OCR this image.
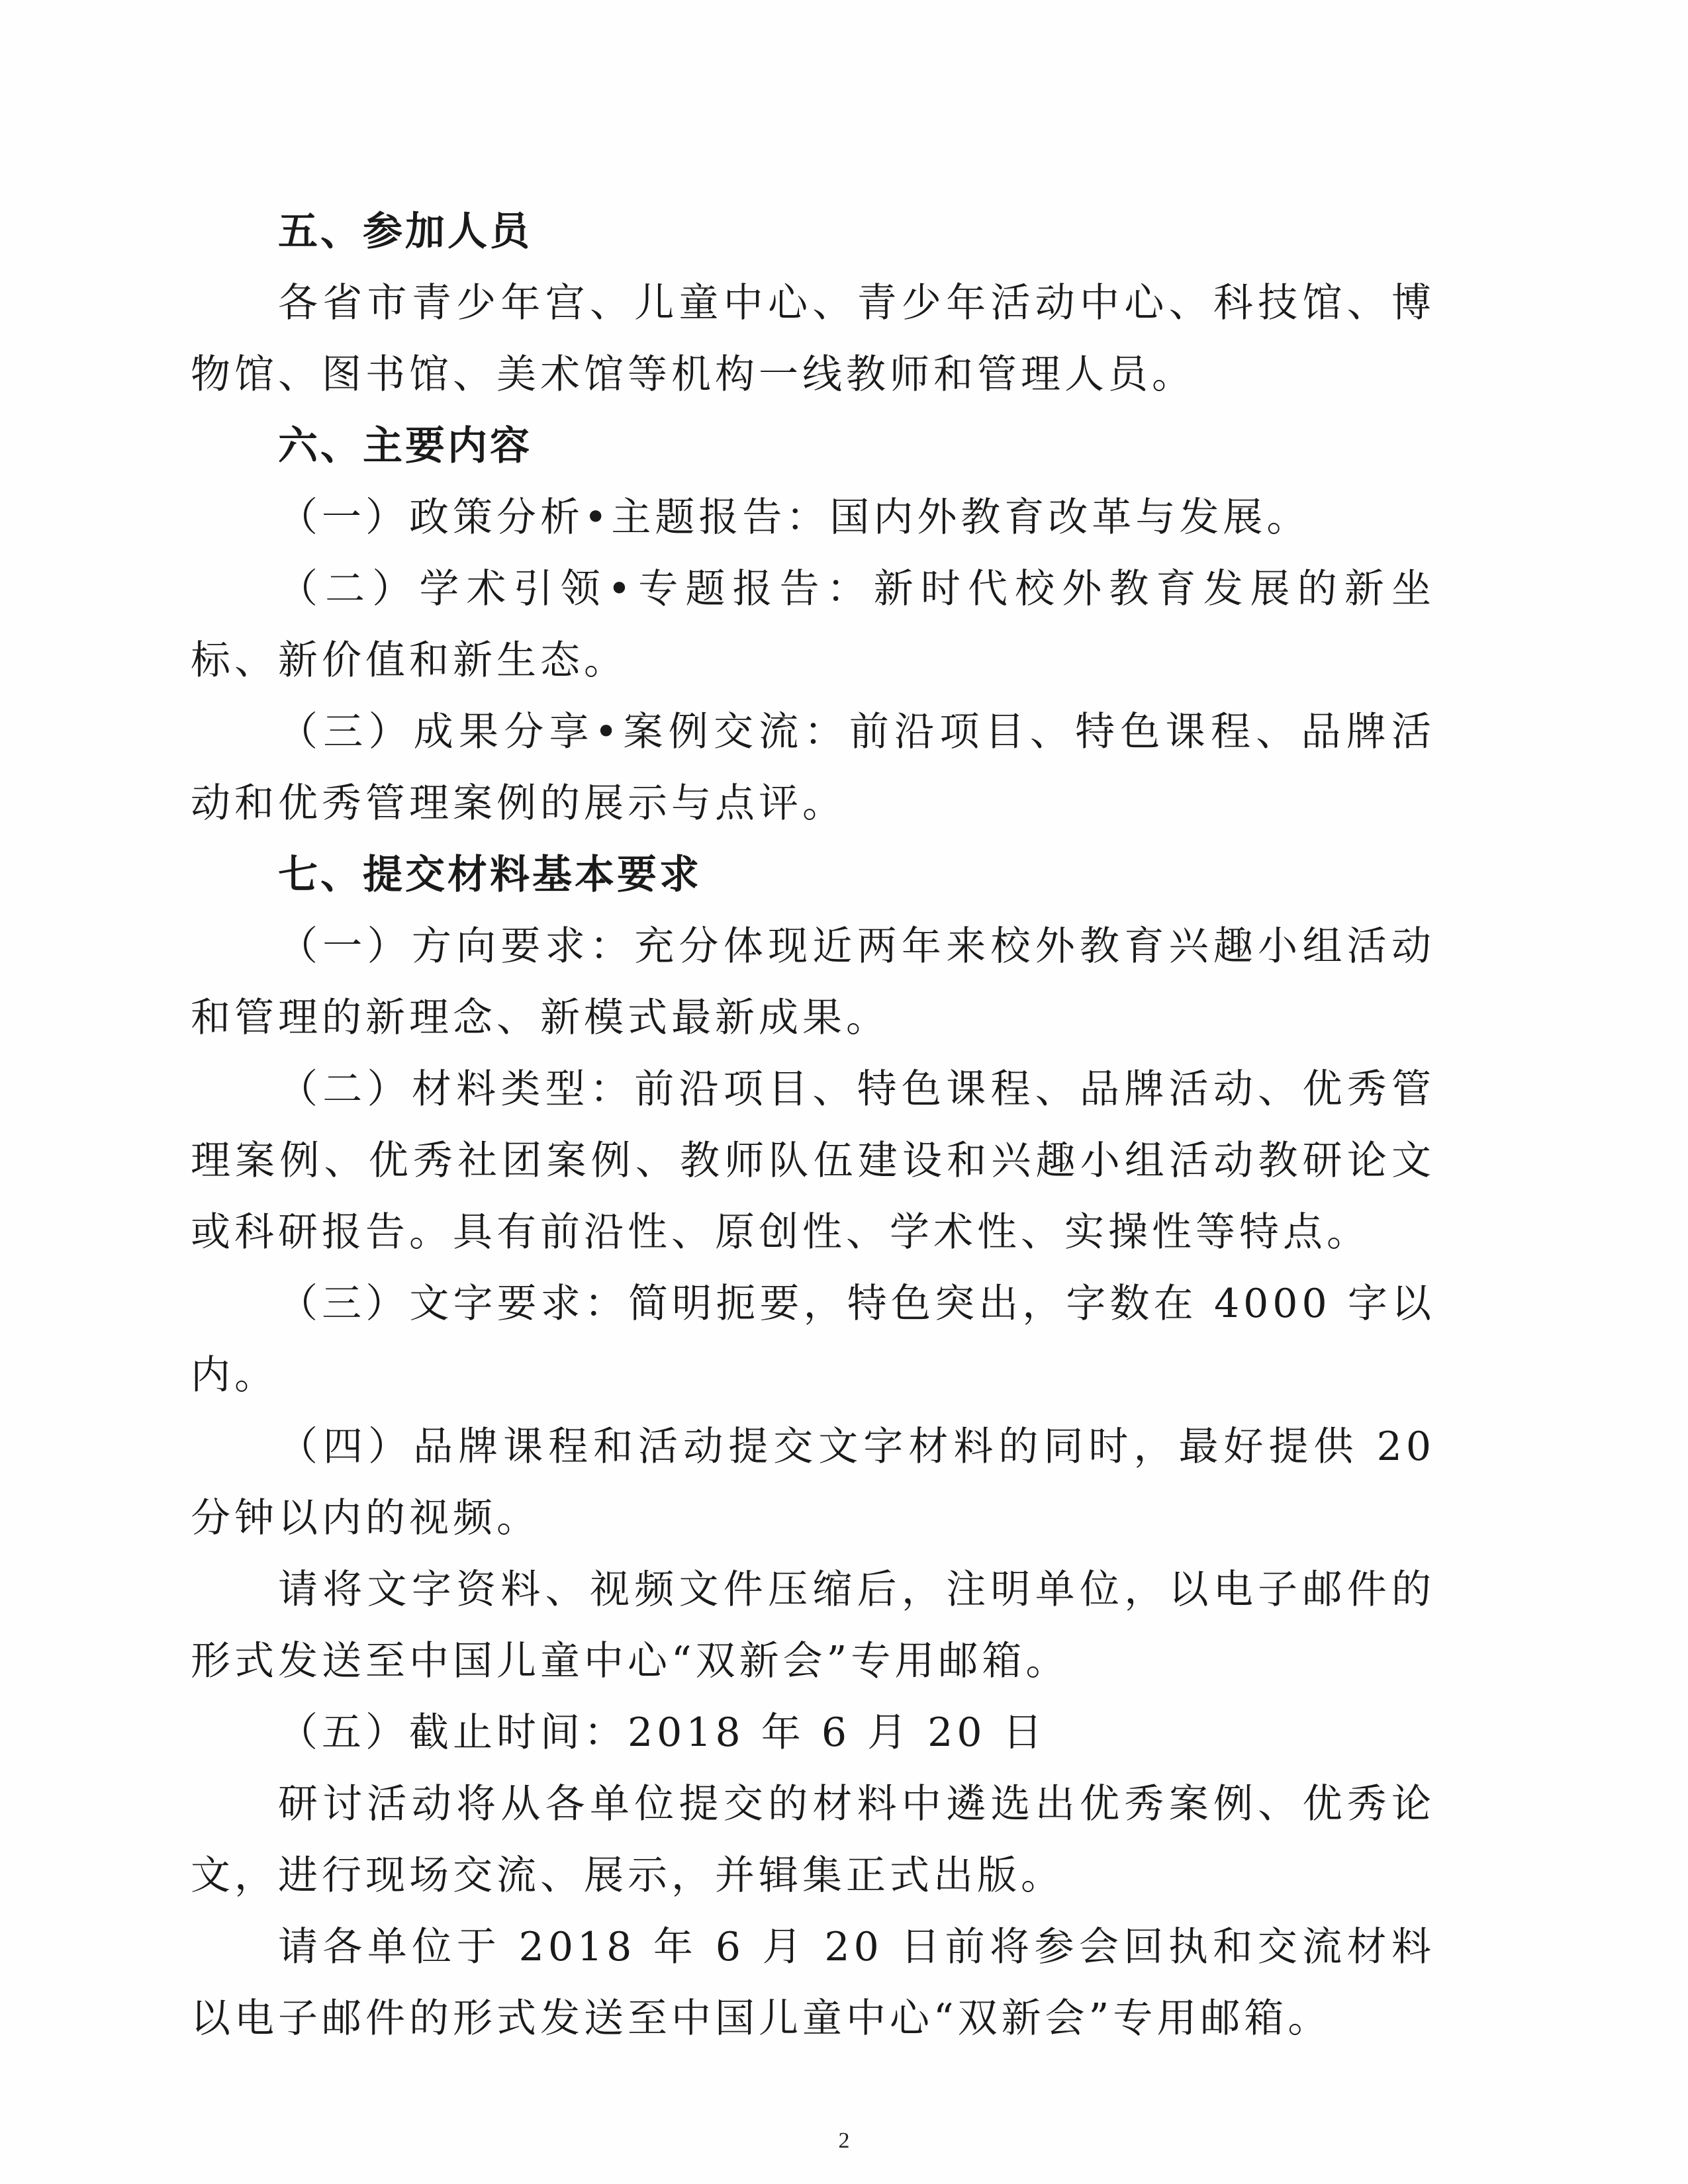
五、参加人员

各省市青少年宫、儿童中心、青少年活动中心、科技馆、博物馆、图书馆、美术馆等机构一线教师和管理人员。

六、主要内容

（一）政策分析•主题报告：国内外教育改革与发展。

（二）学术引领•专题报告：新时代校外教育发展的新坐标、新价值和新生态。

（三）成果分享•案例交流：前沿项目、特色课程、品牌活动和优秀管理案例的展示与点评。

七、提交材料基本要求

（一）方向要求：充分体现近两年来校外教育兴趣小组活动和管理的新理念、新模式最新成果。

（二）材料类型：前沿项目、特色课程、品牌活动、优秀管理案例、优秀社团案例、教师队伍建设和兴趣小组活动教研论文或科研报告。具有前沿性、原创性、学术性、实操性等特点。

（三）文字要求：简明扼要，特色突出，字数在 4000 字以内。

（四）品牌课程和活动提交文字材料的同时，最好提供 20 分钟以内的视频。

请将文字资料、视频文件压缩后，注明单位，以电子邮件的形式发送至中国儿童中心“双新会”专用邮箱。

（五）截止时间：2018 年 6 月 20 日

研讨活动将从各单位提交的材料中遴选出优秀案例、优秀论文，进行现场交流、展示，并辑集正式出版。

请各单位于 2018 年 6 月 20 日前将参会回执和交流材料以电子邮件的形式发送至中国儿童中心“双新会”专用邮箱。

2
